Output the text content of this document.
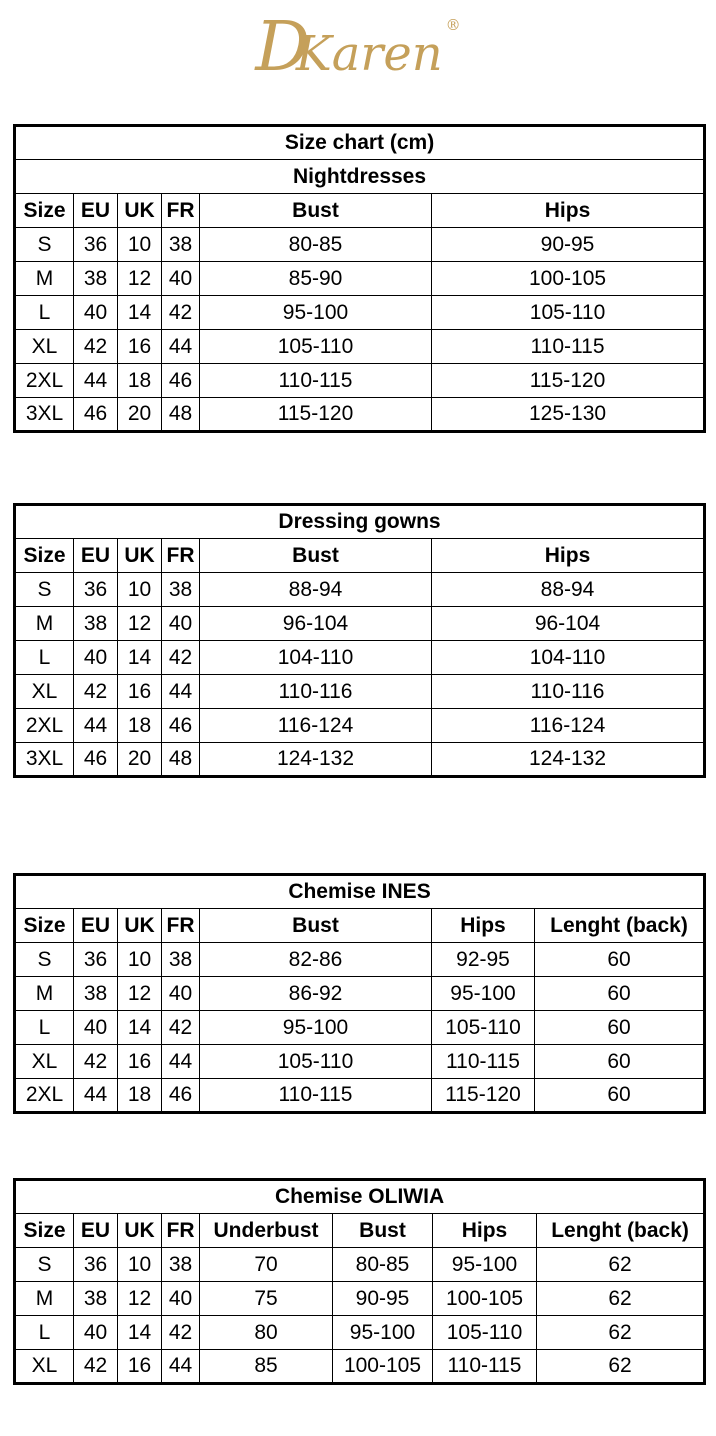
DKaren®
Size chart (cm)					
Nightdresses					
Size	EU	UK	FR	Bust	Hips
S	36	10	38	80-85	90-95
M	38	12	40	85-90	100-105
L	40	14	42	95-100	105-110
XL	42	16	44	105-110	110-115
2XL	44	18	46	110-115	115-120
3XL	46	20	48	115-120	125-130
Dressing gowns					
Size	EU	UK	FR	Bust	Hips
S	36	10	38	88-94	88-94
M	38	12	40	96-104	96-104
L	40	14	42	104-110	104-110
XL	42	16	44	110-116	110-116
2XL	44	18	46	116-124	116-124
3XL	46	20	48	124-132	124-132
Chemise INES						
Size	EU	UK	FR	Bust	Hips	Lenght (back)
S	36	10	38	82-86	92-95	60
M	38	12	40	86-92	95-100	60
L	40	14	42	95-100	105-110	60
XL	42	16	44	105-110	110-115	60
2XL	44	18	46	110-115	115-120	60
Chemise OLIWIA							
Size	EU	UK	FR	Underbust	Bust	Hips	Lenght (back)
S	36	10	38	70	80-85	95-100	62
M	38	12	40	75	90-95	100-105	62
L	40	14	42	80	95-100	105-110	62
XL	42	16	44	85	100-105	110-115	62
